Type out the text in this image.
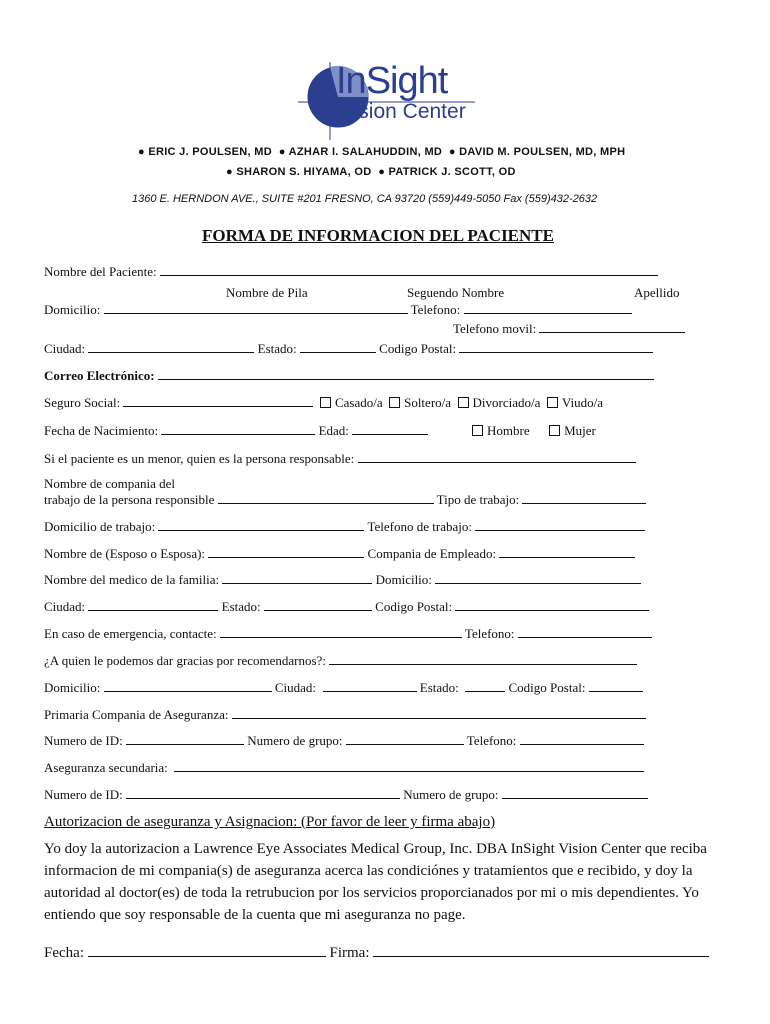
InSight
Vision Center
● ERIC J. POULSEN, MD  ● AZHAR I. SALAHUDDIN, MD  ● DAVID M. POULSEN, MD, MPH
● SHARON S. HIYAMA, OD  ● PATRICK J. SCOTT, OD
1360 E. HERNDON AVE., SUITE #201 FRESNO, CA 93720 (559)449-5050 Fax (559)432-2632
FORMA DE INFORMACION DEL PACIENTE
Nombre del Paciente:
Nombre de Pila	Seguendo Nombre	Apellido
Domicilio:	Telefono:
Telefono movil:
Ciudad:	Estado:	Codigo Postal:
Correo Electrónico:
Seguro Social:	Casado/a Soltero/a Divorciado/a Viudo/a
Fecha de Nacimiento:	Edad:	Hombre	Mujer
Si el paciente es un menor, quien es la persona responsable:
Nombre de compania del
trabajo de la persona responsible	Tipo de trabajo:
Domicilio de trabajo:	Telefono de trabajo:
Nombre de (Esposo o Esposa):	Compania de Empleado:
Nombre del medico de la familia:	Domicilio:
Ciudad:	Estado:	Codigo Postal:
En caso de emergencia, contacte:	Telefono:
¿A quien le podemos dar gracias por recomendarnos?:
Domicilio:	Ciudad:	Estado:	Codigo Postal:
Primaria Compania de Aseguranza:
Numero de ID:	Numero de grupo:	Telefono:
Aseguranza secundaria:
Numero de ID:	Numero de grupo:
Autorizacion de aseguranza y Asignacion: (Por favor de leer y firma abajo)
Yo doy la autorizacion a Lawrence Eye Associates Medical Group, Inc. DBA InSight Vision Center que reciba informacion de mi compania(s) de aseguranza acerca las condiciónes y tratamientos que e recibido, y doy la autoridad al doctor(es) de toda la retrubucion por los servicios proporcianados por mi o mis dependientes. Yo entiendo que soy responsable de la cuenta que mi aseguranza no page.
Fecha:	Firma:
